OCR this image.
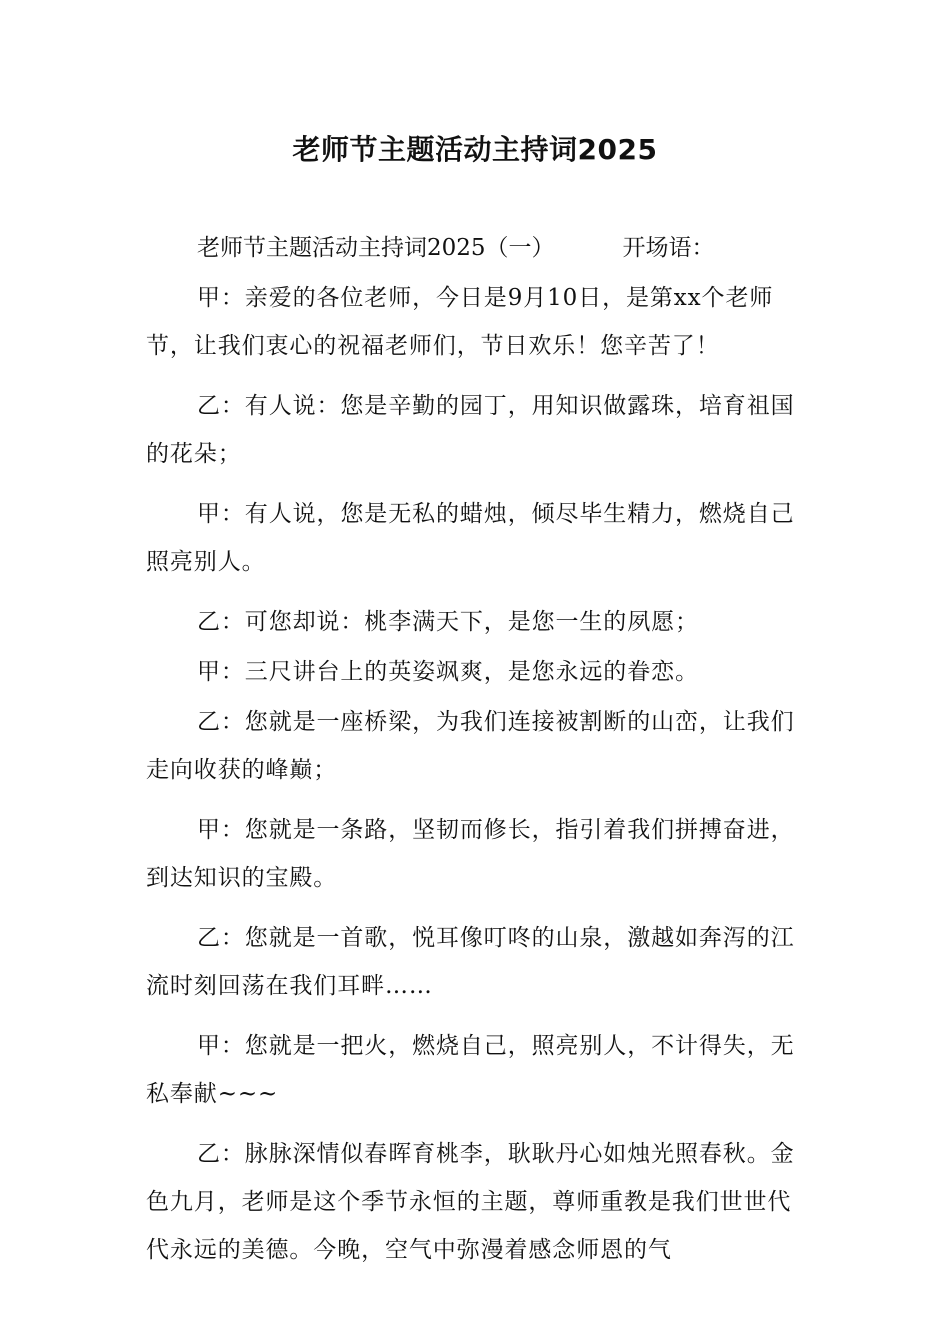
老师节主题活动主持词2025
老师节主题活动主持词2025（一）	开场语：

甲：亲爱的各位老师，今日是9月10日，是第xx个老师节，让我们衷心的祝福老师们，节日欢乐！您辛苦了！

乙：有人说：您是辛勤的园丁，用知识做露珠，培育祖国的花朵；

甲：有人说，您是无私的蜡烛，倾尽毕生精力，燃烧自己照亮别人。

乙：可您却说：桃李满天下，是您一生的夙愿；

甲：三尺讲台上的英姿飒爽，是您永远的眷恋。

乙：您就是一座桥梁，为我们连接被割断的山峦，让我们走向收获的峰巅；

甲：您就是一条路，坚韧而修长，指引着我们拼搏奋进，到达知识的宝殿。

乙：您就是一首歌，悦耳像叮咚的山泉，激越如奔泻的江流时刻回荡在我们耳畔……

甲：您就是一把火，燃烧自己，照亮别人，不计得失，无私奉献~~~

乙：脉脉深情似春晖育桃李，耿耿丹心如烛光照春秋。金色九月，老师是这个季节永恒的主题，尊师重教是我们世世代代永远的美德。今晚，空气中弥漫着感念师恩的气
